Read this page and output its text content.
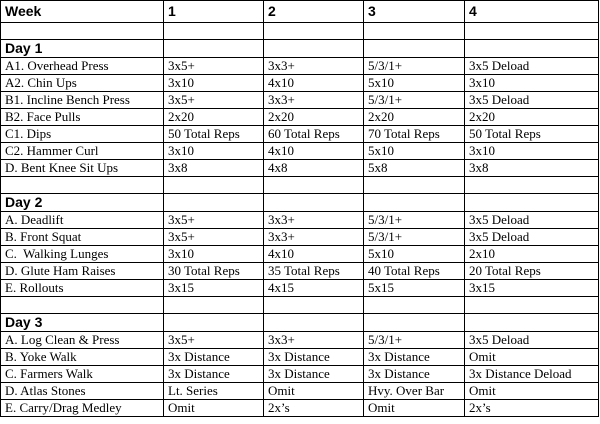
Week	1	2	3	4

Day 1				
A1. Overhead Press	3x5+	3x3+	5/3/1+	3x5 Deload
A2. Chin Ups	3x10	4x10	5x10	3x10
B1. Incline Bench Press	3x5+	3x3+	5/3/1+	3x5 Deload
B2. Face Pulls	2x20	2x20	2x20	2x20
C1. Dips	50 Total Reps	60 Total Reps	70 Total Reps	50 Total Reps
C2. Hammer Curl	3x10	4x10	5x10	3x10
D. Bent Knee Sit Ups	3x8	4x8	5x8	3x8

Day 2				
A. Deadlift	3x5+	3x3+	5/3/1+	3x5 Deload
B. Front Squat	3x5+	3x3+	5/3/1+	3x5 Deload
C.  Walking Lunges	3x10	4x10	5x10	2x10
D. Glute Ham Raises	30 Total Reps	35 Total Reps	40 Total Reps	20 Total Reps
E. Rollouts	3x15	4x15	5x15	3x15

Day 3				
A. Log Clean & Press	3x5+	3x3+	5/3/1+	3x5 Deload
B. Yoke Walk	3x Distance	3x Distance	3x Distance	Omit
C. Farmers Walk	3x Distance	3x Distance	3x Distance	3x Distance Deload
D. Atlas Stones	Lt. Series	Omit	Hvy. Over Bar	Omit
E. Carry/Drag Medley	Omit	2x’s	Omit	2x’s
